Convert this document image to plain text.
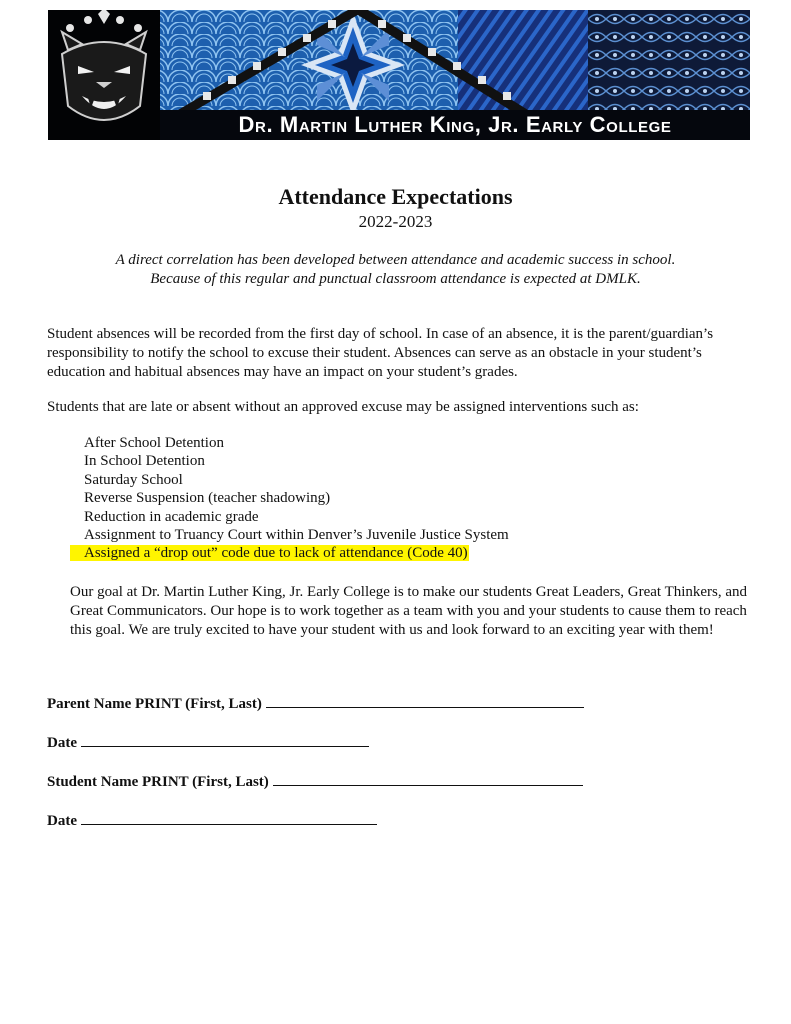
Dr. Martin Luther King, Jr. Early College
Attendance Expectations
2022-2023
A direct correlation has been developed between attendance and academic success in school.
Because of this regular and punctual classroom attendance is expected at DMLK.
Student absences will be recorded from the first day of school. In case of an absence, it is the parent/guardian’s responsibility to notify the school to excuse their student. Absences can serve as an obstacle in your student’s education and habitual absences may have an impact on your student’s grades.
Students that are late or absent without an approved excuse may be assigned interventions such as:
After School Detention
In School Detention
Saturday School
Reverse Suspension (teacher shadowing)
Reduction in academic grade
Assignment to Truancy Court within Denver’s Juvenile Justice System
Assigned a “drop out” code due to lack of attendance (Code 40)
Our goal at Dr. Martin Luther King, Jr. Early College is to make our students Great Leaders, Great Thinkers, and Great Communicators. Our hope is to work together as a team with you and your students to cause them to reach this goal. We are truly excited to have your student with us and look forward to an exciting year with them!
Parent Name PRINT (First, Last)
Date
Student Name PRINT (First, Last)
Date
